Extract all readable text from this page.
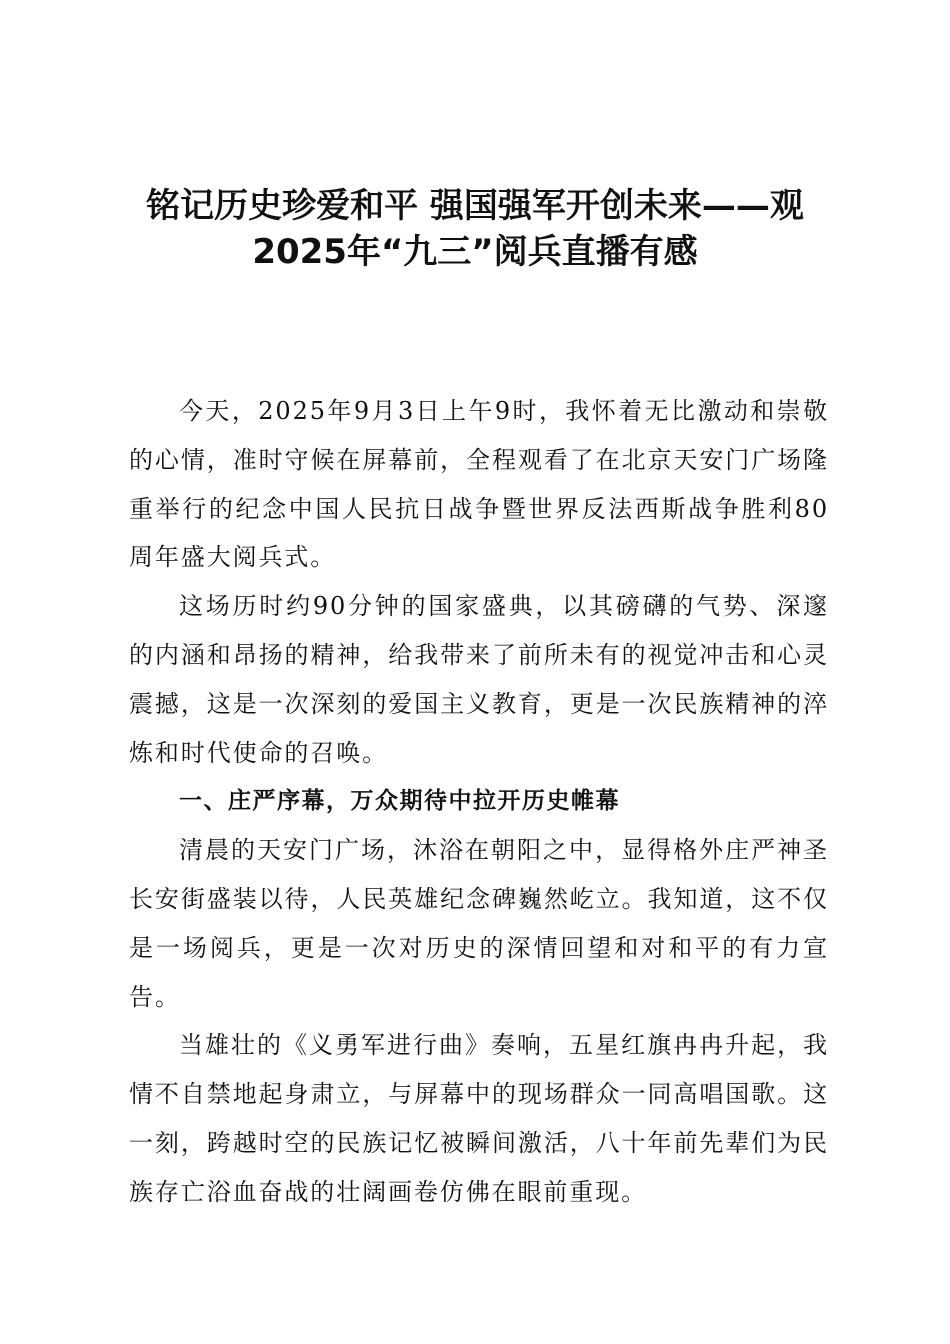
铭记历史珍爱和平 强国强军开创未来——观

2025年“九三”阅兵直播有感

今天，2025年9月3日上午9时，我怀着无比激动和崇敬的心情，准时守候在屏幕前，全程观看了在北京天安门广场隆重举行的纪念中国人民抗日战争暨世界反法西斯战争胜利80周年盛大阅兵式。

这场历时约90分钟的国家盛典，以其磅礴的气势、深邃的内涵和昂扬的精神，给我带来了前所未有的视觉冲击和心灵震撼，这是一次深刻的爱国主义教育，更是一次民族精神的淬炼和时代使命的召唤。

一、庄严序幕，万众期待中拉开历史帷幕

清晨的天安门广场，沐浴在朝阳之中，显得格外庄严神圣长安街盛装以待，人民英雄纪念碑巍然屹立。我知道，这不仅是一场阅兵，更是一次对历史的深情回望和对和平的有力宣告。

当雄壮的《义勇军进行曲》奏响，五星红旗冉冉升起，我情不自禁地起身肃立，与屏幕中的现场群众一同高唱国歌。这一刻，跨越时空的民族记忆被瞬间激活，八十年前先辈们为民族存亡浴血奋战的壮阔画卷仿佛在眼前重现。
